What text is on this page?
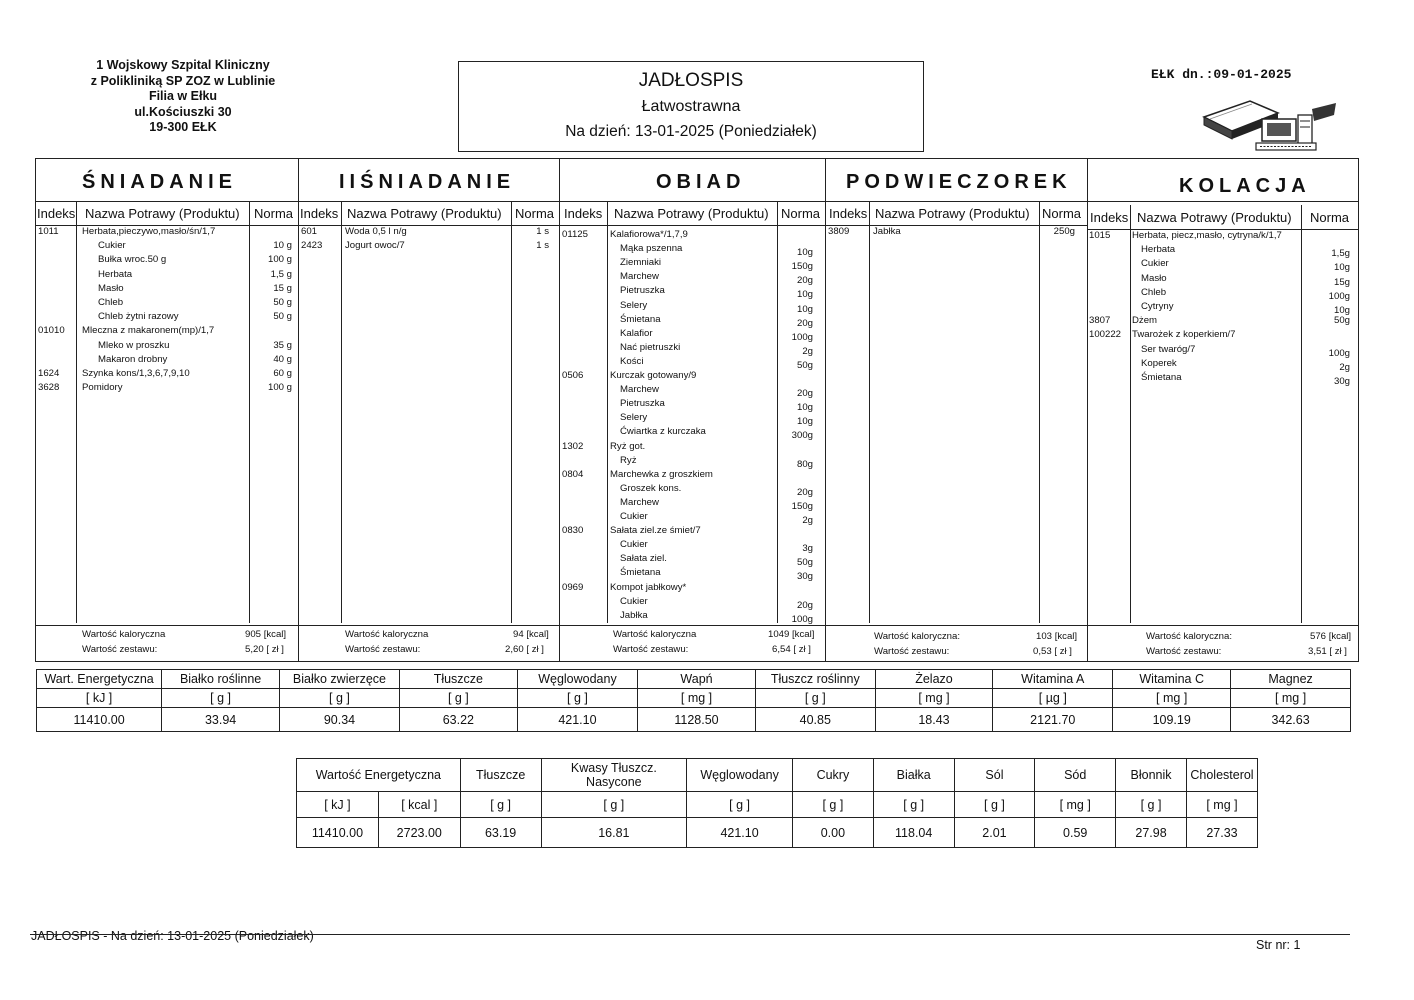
1 Wojskowy Szpital Kliniczny
z Polikliniką SP ZOZ w Lublinie
Filia w Ełku
ul.Kościuszki 30
19-300 EŁK
JADŁOSPIS
Łatwostrawna
Na dzień: 13-01-2025 (Poniedziałek)
EŁK dn.:09-01-2025
ŚNIADANIE
Indeks Nazwa Potrawy (Produktu) Norma
1011 Herbata,pieczywo,masło/śn/1,7
Cukier	10 g
Bułka wroc.50 g	100 g
Herbata	1,5 g
Masło	15 g
Chleb	50 g
Chleb żytni razowy	50 g
01010 Mleczna z makaronem(mp)/1,7
Mleko w proszku	35 g
Makaron drobny	40 g
1624 Szynka kons/1,3,6,7,9,10	60 g
3628 Pomidory	100 g
Wartość kaloryczna	905 [kcal]
Wartość zestawu:	5,20 [ zł ]
IIŚNIADANIE
Indeks Nazwa Potrawy (Produktu) Norma
601	Woda 0,5 l n/g	1 s
2423 Jogurt owoc/7	1 s
Wartość kaloryczna	94 [kcal]
Wartość zestawu:	2,60 [ zł ]
OBIAD
Indeks Nazwa Potrawy (Produktu) Norma
01125 Kalafiorowa*/1,7,9
Mąka pszenna	10g
Ziemniaki	150g
Marchew	20g
Pietruszka	10g
Selery	10g
Śmietana	20g
Kalafior	100g
Nać pietruszki	2g
Kości	50g
0506	Kurczak gotowany/9
Marchew	20g
Pietruszka	10g
Selery	10g
Ćwiartka z kurczaka	300g
1302	Ryż got.
Ryż	80g
0804	Marchewka z groszkiem
Groszek kons.	20g
Marchew	150g
Cukier	2g
0830	Sałata ziel.ze śmiet/7
Cukier	3g
Sałata ziel.	50g
Śmietana	30g
0969	Kompot jabłkowy*
Cukier	20g
Jabłka	100g
Wartość kaloryczna	1049 [kcal]
Wartość zestawu:	6,54 [ zł ]
PODWIECZOREK
Indeks Nazwa Potrawy (Produktu) Norma
3809 Jabłka	250g
Wartość kaloryczna:	103 [kcal]
Wartość zestawu:	0,53 [ zł ]
KOLACJA
Indeks Nazwa Potrawy (Produktu) Norma
1015 Herbata, piecz,masło, cytryna/k/1,7
Herbata	1,5g
Cukier	10g
Masło	15g
Chleb	100g
Cytryny	10g
3807 Dżem	50g
100222 Twarożek z koperkiem/7
Ser twaróg/7	100g
Koperek	2g
Śmietana	30g
Wartość kaloryczna:	576 [kcal]
Wartość zestawu:	3,51 [ zł ]
Wart. Energetyczna	Białko roślinne	Białko zwierzęce	Tłuszcze	Węglowodany	Wapń	Tłuszcz roślinny	Żelazo	Witamina A	Witamina C	Magnez
[ kJ ]	[ g ]	[ g ]	[ g ]	[ g ]	[ mg ]	[ g ]	[ mg ]	[ µg ]	[ mg ]	[ mg ]
11410.00	33.94	90.34	63.22	421.10	1128.50	40.85	18.43	2121.70	109.19	342.63
Wartość Energetyczna		Tłuszcze	Kwasy Tłuszcz. Nasycone	Węglowodany	Cukry	Białka	Sól	Sód	Błonnik	Cholesterol
[ kJ ]	[ kcal ]	[ g ]	[ g ]	[ g ]	[ g ]	[ g ]	[ g ]	[ mg ]	[ g ]	[ mg ]
11410.00	2723.00	63.19	16.81	421.10	0.00	118.04	2.01	0.59	27.98	27.33
JADŁOSPIS - Na dzień: 13-01-2025 (Poniedziałek)
Str nr: 1
